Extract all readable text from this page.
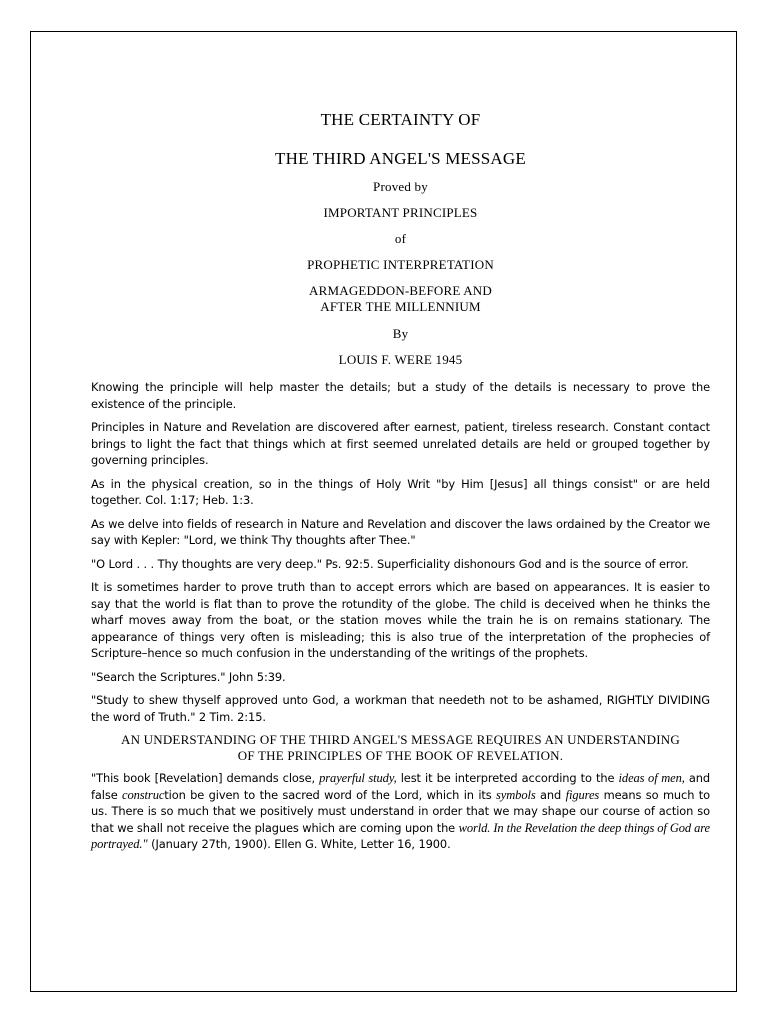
THE CERTAINTY OF
THE THIRD ANGEL'S MESSAGE
Proved by
IMPORTANT PRINCIPLES
of
PROPHETIC INTERPRETATION
ARMAGEDDON-BEFORE AND
AFTER THE MILLENNIUM
By
LOUIS F. WERE 1945

Knowing the principle will help master the details; but a study of the details is necessary to prove the existence of the principle.

Principles in Nature and Revelation are discovered after earnest, patient, tireless research. Constant contact brings to light the fact that things which at first seemed unrelated details are held or grouped together by governing principles.

As in the physical creation, so in the things of Holy Writ "by Him [Jesus] all things consist" or are held together. Col. 1:17; Heb. 1:3.

As we delve into fields of research in Nature and Revelation and discover the laws ordained by the Creator we say with Kepler: "Lord, we think Thy thoughts after Thee."

"O Lord . . . Thy thoughts are very deep." Ps. 92:5. Superficiality dishonours God and is the source of error.

It is sometimes harder to prove truth than to accept errors which are based on appearances. It is easier to say that the world is flat than to prove the rotundity of the globe. The child is deceived when he thinks the wharf moves away from the boat, or the station moves while the train he is on remains stationary. The appearance of things very often is misleading; this is also true of the interpretation of the prophecies of Scripture–hence so much confusion in the understanding of the writings of the prophets.

"Search the Scriptures." John 5:39.

"Study to shew thyself approved unto God, a workman that needeth not to be ashamed, RIGHTLY DIVIDING the word of Truth." 2 Tim. 2:15.

AN UNDERSTANDING OF THE THIRD ANGEL'S MESSAGE REQUIRES AN UNDERSTANDING
OF THE PRINCIPLES OF THE BOOK OF REVELATION.

"This book [Revelation] demands close, prayerful study, lest it be interpreted according to the ideas of men, and false construction be given to the sacred word of the Lord, which in its symbols and figures means so much to us. There is so much that we positively must understand in order that we may shape our course of action so that we shall not receive the plagues which are coming upon the world. In the Revelation the deep things of God are portrayed." (January 27th, 1900). Ellen G. White, Letter 16, 1900.
